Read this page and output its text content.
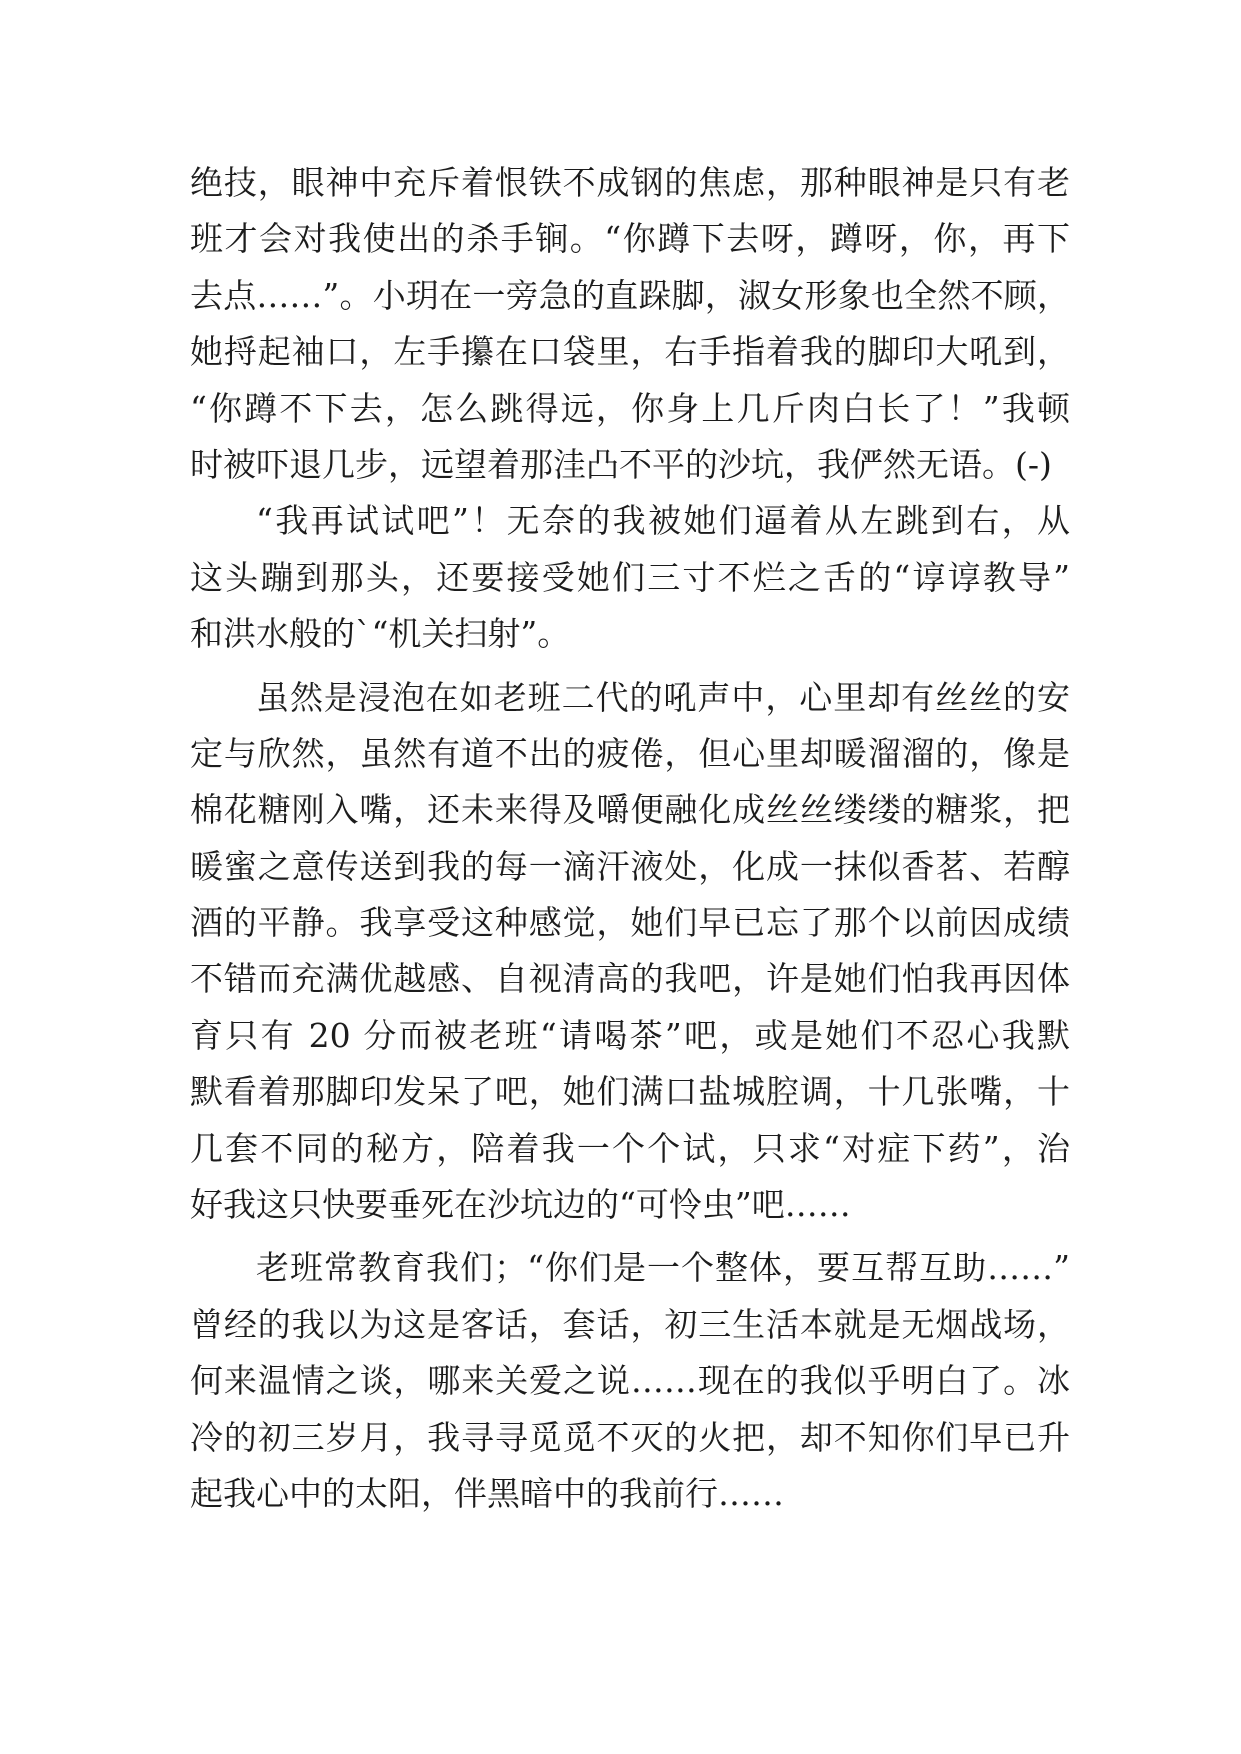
绝技，眼神中充斥着恨铁不成钢的焦虑，那种眼神是只有老
班才会对我使出的杀手锏。“你蹲下去呀，蹲呀，你，再下
去点……”。小玥在一旁急的直跺脚，淑女形象也全然不顾，
她捋起袖口，左手攥在口袋里，右手指着我的脚印大吼到，
“你蹲不下去，怎么跳得远，你身上几斤肉白长了！”我顿
时被吓退几步，远望着那洼凸不平的沙坑，我俨然无语。(-)
“我再试试吧”！无奈的我被她们逼着从左跳到右，从
这头蹦到那头，还要接受她们三寸不烂之舌的“谆谆教导”
和洪水般的`“机关扫射”。
虽然是浸泡在如老班二代的吼声中，心里却有丝丝的安
定与欣然，虽然有道不出的疲倦，但心里却暖溜溜的，像是
棉花糖刚入嘴，还未来得及嚼便融化成丝丝缕缕的糖浆，把
暖蜜之意传送到我的每一滴汗液处，化成一抹似香茗、若醇
酒的平静。我享受这种感觉，她们早已忘了那个以前因成绩
不错而充满优越感、自视清高的我吧，许是她们怕我再因体
育只有 20 分而被老班“请喝茶”吧，或是她们不忍心我默
默看着那脚印发呆了吧，她们满口盐城腔调，十几张嘴，十
几套不同的秘方，陪着我一个个试，只求“对症下药”，治
好我这只快要垂死在沙坑边的“可怜虫”吧……
老班常教育我们；“你们是一个整体，要互帮互助……”
曾经的我以为这是客话，套话，初三生活本就是无烟战场，
何来温情之谈，哪来关爱之说……现在的我似乎明白了。冰
冷的初三岁月，我寻寻觅觅不灭的火把，却不知你们早已升
起我心中的太阳，伴黑暗中的我前行……
